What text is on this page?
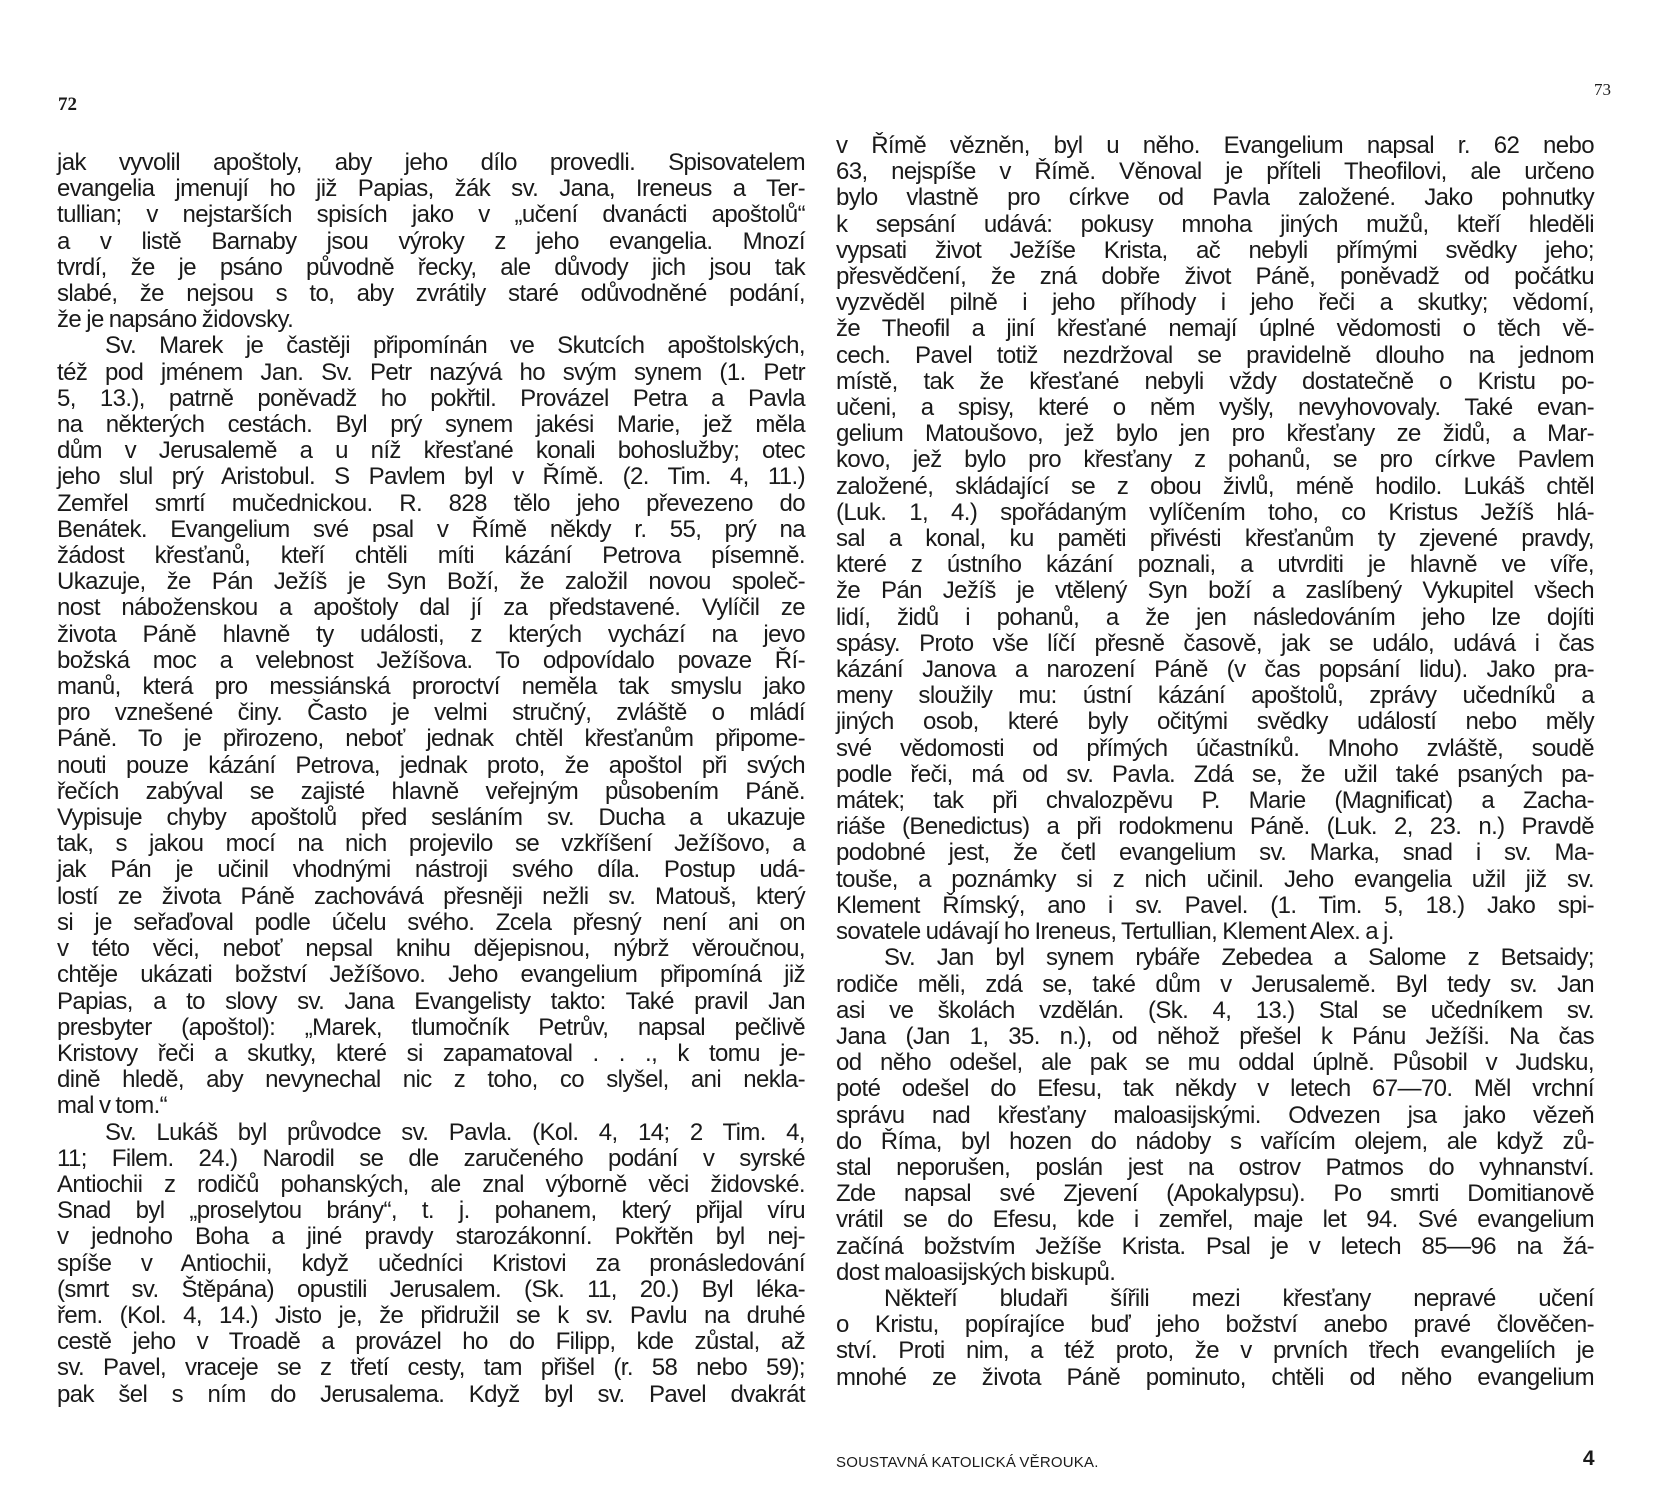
72
jak vyvolil apoštoly, aby jeho dílo provedli. Spisovatelem
evangelia jmenují ho již Papias, žák sv. Jana, Ireneus a Ter-
tullian; v nejstarších spisích jako v „učení dvanácti apoštolů“
a v listě Barnaby jsou výroky z jeho evangelia. Mnozí
tvrdí, že je psáno původně řecky, ale důvody jich jsou tak
slabé, že nejsou s to, aby zvrátily staré odůvodněné podání,
že je napsáno židovsky.
Sv. Marek je častěji připomínán ve Skutcích apoštolských,
též pod jménem Jan. Sv. Petr nazývá ho svým synem (1. Petr
5, 13.), patrně poněvadž ho pokřtil. Provázel Petra a Pavla
na některých cestách. Byl prý synem jakési Marie, jež měla
dům v Jerusalemě a u níž křesťané konali bohoslužby; otec
jeho slul prý Aristobul. S Pavlem byl v Římě. (2. Tim. 4, 11.)
Zemřel smrtí mučednickou. R. 828 tělo jeho převezeno do
Benátek. Evangelium své psal v Římě někdy r. 55, prý na
žádost křesťanů, kteří chtěli míti kázání Petrova písemně.
Ukazuje, že Pán Ježíš je Syn Boží, že založil novou společ-
nost náboženskou a apoštoly dal jí za představené. Vylíčil ze
života Páně hlavně ty události, z kterých vychází na jevo
božská moc a velebnost Ježíšova. To odpovídalo povaze Ří-
manů, která pro messiánská proroctví neměla tak smyslu jako
pro vznešené činy. Často je velmi stručný, zvláště o mládí
Páně. To je přirozeno, neboť jednak chtěl křesťanům připome-
nouti pouze kázání Petrova, jednak proto, že apoštol při svých
řečích zabýval se zajisté hlavně veřejným působením Páně.
Vypisuje chyby apoštolů před sesláním sv. Ducha a ukazuje
tak, s jakou mocí na nich projevilo se vzkříšení Ježíšovo, a
jak Pán je učinil vhodnými nástroji svého díla. Postup udá-
lostí ze života Páně zachovává přesněji nežli sv. Matouš, který
si je seřaďoval podle účelu svého. Zcela přesný není ani on
v této věci, neboť nepsal knihu dějepisnou, nýbrž věroučnou,
chtěje ukázati božství Ježíšovo. Jeho evangelium připomíná již
Papias, a to slovy sv. Jana Evangelisty takto: Také pravil Jan
presbyter (apoštol): „Marek, tlumočník Petrův, napsal pečlivě
Kristovy řeči a skutky, které si zapamatoval . . ., k tomu je-
dině hledě, aby nevynechal nic z toho, co slyšel, ani nekla-
mal v tom.“
Sv. Lukáš byl průvodce sv. Pavla. (Kol. 4, 14; 2 Tim. 4,
11; Filem. 24.) Narodil se dle zaručeného podání v syrské
Antiochii z rodičů pohanských, ale znal výborně věci židovské.
Snad byl „proselytou brány“, t. j. pohanem, který přijal víru
v jednoho Boha a jiné pravdy starozákonní. Pokřtěn byl nej-
spíše v Antiochii, když učedníci Kristovi za pronásledování
(smrt sv. Štěpána) opustili Jerusalem. (Sk. 11, 20.) Byl léka-
řem. (Kol. 4, 14.) Jisto je, že přidružil se k sv. Pavlu na druhé
cestě jeho v Troadě a provázel ho do Filipp, kde zůstal, až
sv. Pavel, vraceje se z třetí cesty, tam přišel (r. 58 nebo 59);
pak šel s ním do Jerusalema. Když byl sv. Pavel dvakrát
73
v Římě vězněn, byl u něho. Evangelium napsal r. 62 nebo
63, nejspíše v Římě. Věnoval je příteli Theofilovi, ale určeno
bylo vlastně pro církve od Pavla založené. Jako pohnutky
k sepsání udává: pokusy mnoha jiných mužů, kteří hleděli
vypsati život Ježíše Krista, ač nebyli přímými svědky jeho;
přesvědčení, že zná dobře život Páně, poněvadž od počátku
vyzvěděl pilně i jeho příhody i jeho řeči a skutky; vědomí,
že Theofil a jiní křesťané nemají úplné vědomosti o těch vě-
cech. Pavel totiž nezdržoval se pravidelně dlouho na jednom
místě, tak že křesťané nebyli vždy dostatečně o Kristu po-
učeni, a spisy, které o něm vyšly, nevyhovovaly. Také evan-
gelium Matoušovo, jež bylo jen pro křesťany ze židů, a Mar-
kovo, jež bylo pro křesťany z pohanů, se pro církve Pavlem
založené, skládající se z obou živlů, méně hodilo. Lukáš chtěl
(Luk. 1, 4.) spořádaným vylíčením toho, co Kristus Ježíš hlá-
sal a konal, ku paměti přivésti křesťanům ty zjevené pravdy,
které z ústního kázání poznali, a utvrditi je hlavně ve víře,
že Pán Ježíš je vtělený Syn boží a zaslíbený Vykupitel všech
lidí, židů i pohanů, a že jen následováním jeho lze dojíti
spásy. Proto vše líčí přesně časově, jak se událo, udává i čas
kázání Janova a narození Páně (v čas popsání lidu). Jako pra-
meny sloužily mu: ústní kázání apoštolů, zprávy učedníků a
jiných osob, které byly očitými svědky událostí nebo měly
své vědomosti od přímých účastníků. Mnoho zvláště, soudě
podle řeči, má od sv. Pavla. Zdá se, že užil také psaných pa-
mátek; tak při chvalozpěvu P. Marie (Magnificat) a Zacha-
riáše (Benedictus) a při rodokmenu Páně. (Luk. 2, 23. n.) Pravdě
podobné jest, že četl evangelium sv. Marka, snad i sv. Ma-
touše, a poznámky si z nich učinil. Jeho evangelia užil již sv.
Klement Římský, ano i sv. Pavel. (1. Tim. 5, 18.) Jako spi-
sovatele udávají ho Ireneus, Tertullian, Klement Alex. a j.
Sv. Jan byl synem rybáře Zebedea a Salome z Betsaidy;
rodiče měli, zdá se, také dům v Jerusalemě. Byl tedy sv. Jan
asi ve školách vzdělán. (Sk. 4, 13.) Stal se učedníkem sv.
Jana (Jan 1, 35. n.), od něhož přešel k Pánu Ježíši. Na čas
od něho odešel, ale pak se mu oddal úplně. Působil v Judsku,
poté odešel do Efesu, tak někdy v letech 67—70. Měl vrchní
správu nad křesťany maloasijskými. Odvezen jsa jako vězeň
do Říma, byl hozen do nádoby s vařícím olejem, ale když zů-
stal neporušen, poslán jest na ostrov Patmos do vyhnanství.
Zde napsal své Zjevení (Apokalypsu). Po smrti Domitianově
vrátil se do Efesu, kde i zemřel, maje let 94. Své evangelium
začíná božstvím Ježíše Krista. Psal je v letech 85—96 na žá-
dost maloasijských biskupů.
Někteří bludaři šířili mezi křesťany nepravé učení
o Kristu, popírajíce buď jeho božství anebo pravé člověčen-
ství. Proti nim, a též proto, že v prvních třech evangeliích je
mnohé ze života Páně pominuto, chtěli od něho evangelium
SOUSTAVNÁ KATOLICKÁ VĚROUKA.	4
